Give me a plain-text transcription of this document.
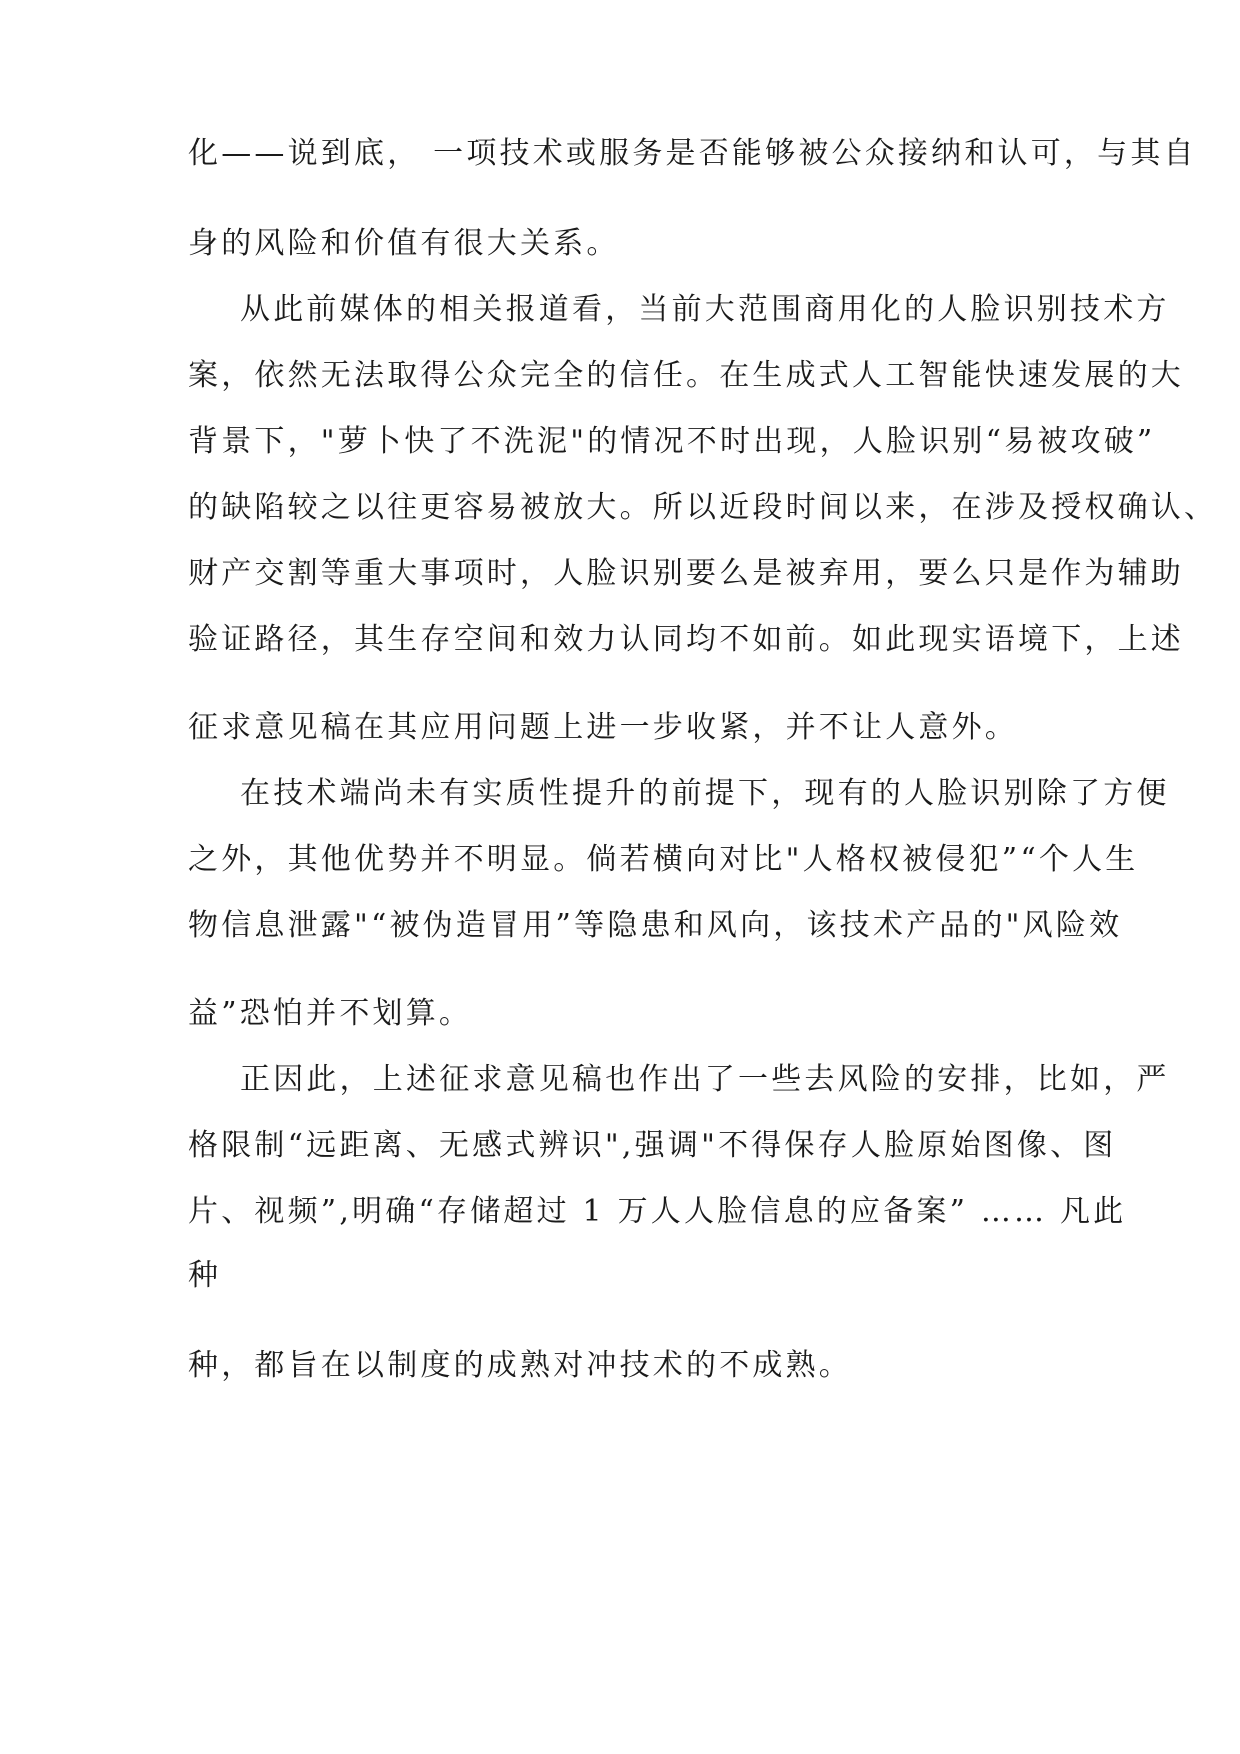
化——说到底， 一项技术或服务是否能够被公众接纳和认可，与其自
身的风险和价值有很大关系。
从此前媒体的相关报道看，当前大范围商用化的人脸识别技术方
案，依然无法取得公众完全的信任。在生成式人工智能快速发展的大
背景下，"萝卜快了不洗泥"的情况不时出现，人脸识别“易被攻破”
的缺陷较之以往更容易被放大。所以近段时间以来，在涉及授权确认、
财产交割等重大事项时，人脸识别要么是被弃用，要么只是作为辅助
验证路径，其生存空间和效力认同均不如前。如此现实语境下，上述
征求意见稿在其应用问题上进一步收紧，并不让人意外。
在技术端尚未有实质性提升的前提下，现有的人脸识别除了方便
之外，其他优势并不明显。倘若横向对比"人格权被侵犯”“个人生
物信息泄露"“被伪造冒用”等隐患和风向，该技术产品的"风险效
益”恐怕并不划算。
正因此，上述征求意见稿也作出了一些去风险的安排，比如，严
格限制“远距离、无感式辨识",强调"不得保存人脸原始图像、图
片、视频”,明确“存储超过 1 万人人脸信息的应备案” …… 凡此
种
种，都旨在以制度的成熟对冲技术的不成熟。
